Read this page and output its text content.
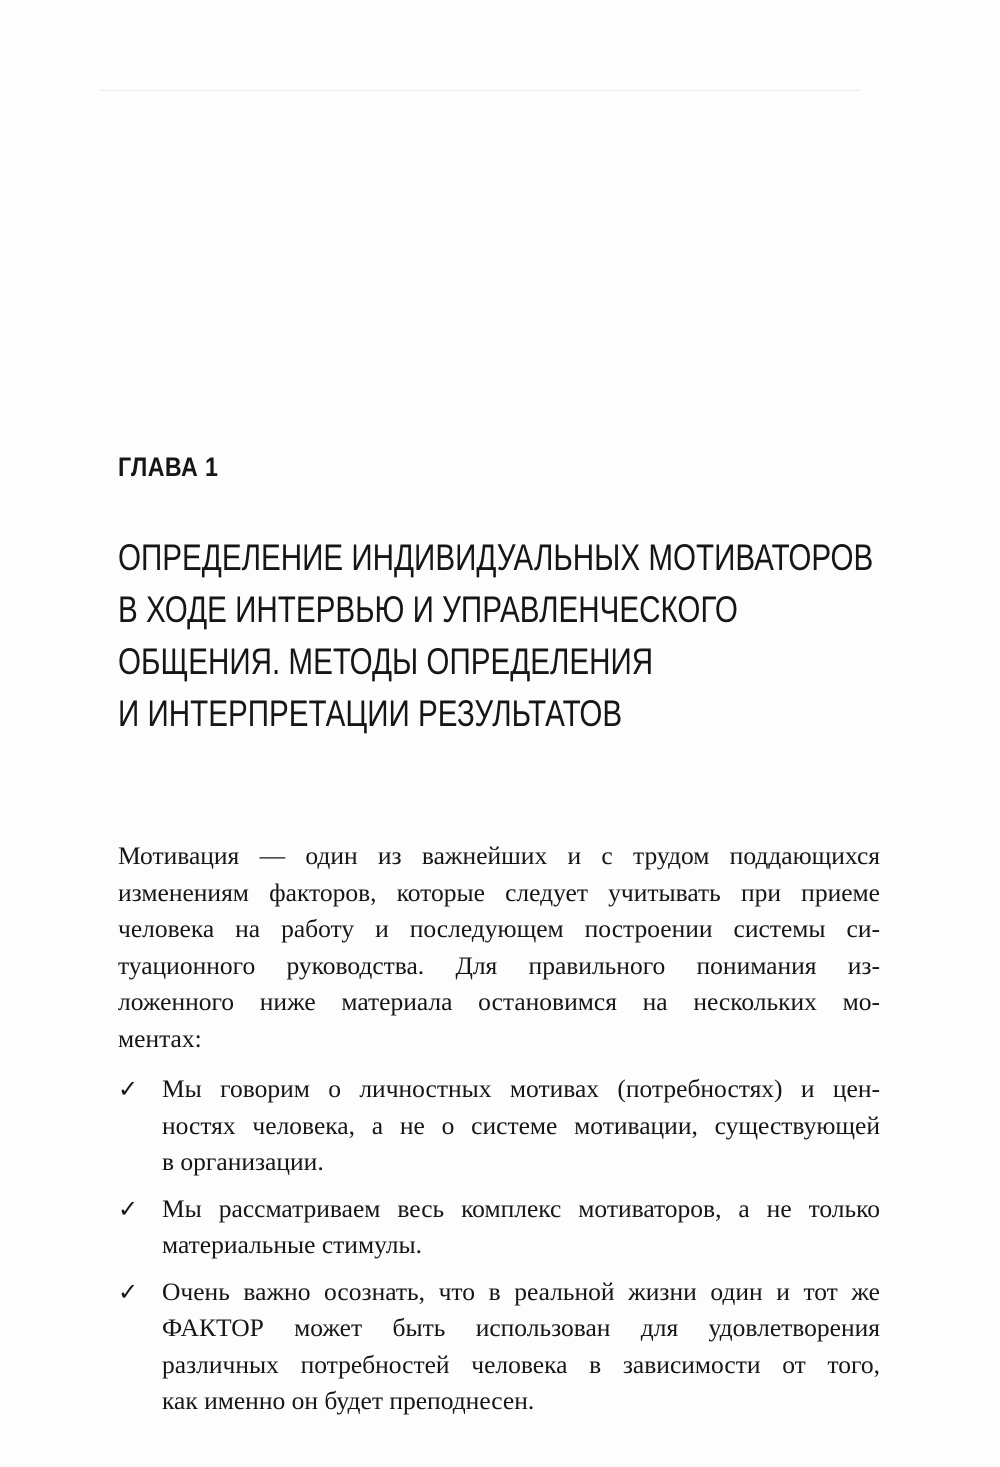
ГЛАВА 1
ОПРЕДЕЛЕНИЕ ИНДИВИДУАЛЬНЫХ МОТИВАТОРОВ
В ХОДЕ ИНТЕРВЬЮ И УПРАВЛЕНЧЕСКОГО
ОБЩЕНИЯ. МЕТОДЫ ОПРЕДЕЛЕНИЯ
И ИНТЕРПРЕТАЦИИ РЕЗУЛЬТАТОВ
Мотивация — один из важнейших и с трудом поддающихся
изменениям факторов, которые следует учитывать при приеме
человека на работу и последующем построении системы си-
туационного руководства. Для правильного понимания из-
ложенного ниже материала остановимся на нескольких мо-
ментах:
✓ Мы говорим о личностных мотивах (потребностях) и цен-
ностях человека, а не о системе мотивации, существующей
в организации.
✓ Мы рассматриваем весь комплекс мотиваторов, а не только
материальные стимулы.
✓ Очень важно осознать, что в реальной жизни один и тот же
ФАКТОР может быть использован для удовлетворения
различных потребностей человека в зависимости от того,
как именно он будет преподнесен.
